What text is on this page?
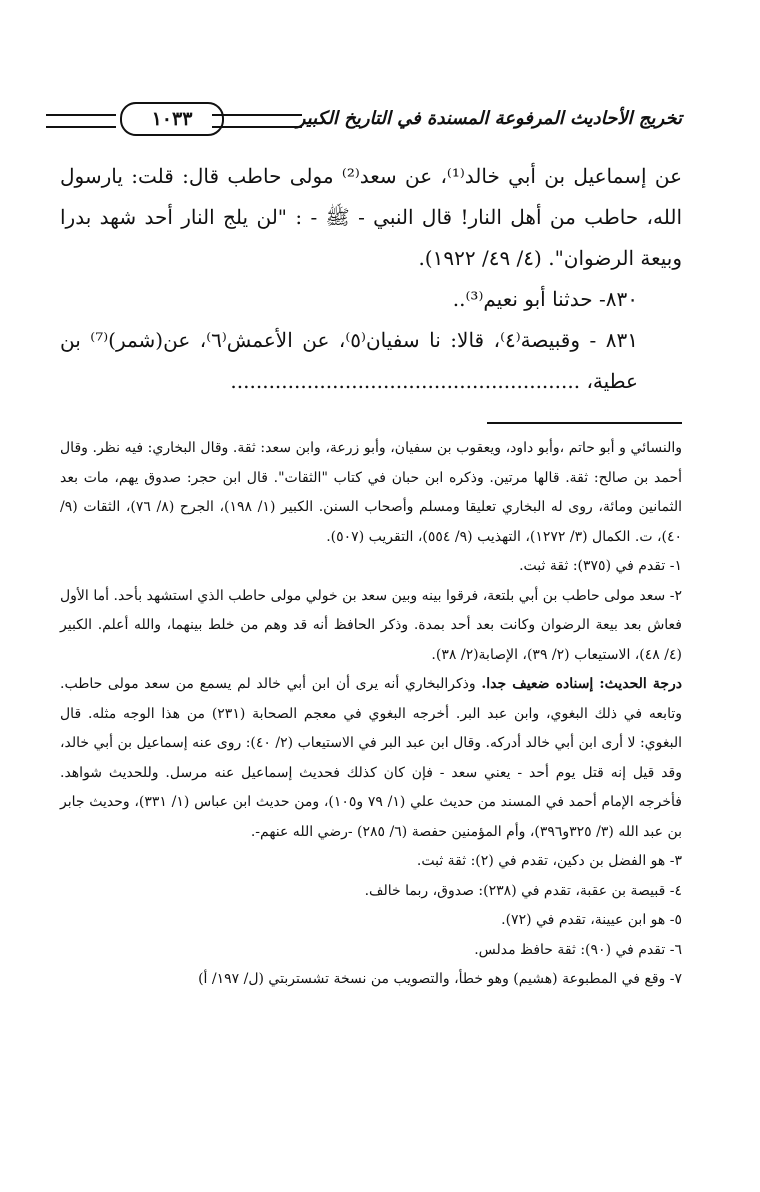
تخريج الأحاديث المرفوعة المسندة في التاريخ الكبير
١٠٣٣

عن إسماعيل بن أبي خالد⁽¹⁾، عن سعد⁽²⁾ مولى حاطب قال: قلت: يارسول الله، حاطب من أهل النار! قال النبي - ﷺ - : "لن يلج النار أحد شهد بدرا وبيعة الرضوان". (٤/ ٤٩/ ١٩٢٢).

٨٣٠- حدثنا أبو نعيم⁽³⁾..

٨٣١ - وقبيصة⁽٤⁾، قالا: نا سفيان⁽٥⁾، عن الأعمش⁽٦⁾، عن(شمر)⁽⁷⁾ بن عطية، .......................................................

والنسائي و أبو حاتم ،وأبو داود، ويعقوب بن سفيان، وأبو زرعة، وابن سعد: ثقة. وقال البخاري: فيه نظر. وقال أحمد بن صالح: ثقة. قالها مرتين. وذكره ابن حبان في كتاب "الثقات". قال ابن حجر: صدوق يهم، مات بعد الثمانين ومائة، روى له البخاري تعليقا ومسلم وأصحاب السنن. الكبير (١/ ١٩٨)، الجرح (٨/ ٧٦)، الثقات (٩/ ٤٠)، ت. الكمال (٣/ ١٢٧٢)، التهذيب (٩/ ٥٥٤)، التقريب (٥٠٧).

١- تقدم في (٣٧٥): ثقة ثبت.

٢- سعد مولى حاطب بن أبي بلتعة، فرقوا بينه وبين سعد بن خولي مولى حاطب الذي استشهد بأحد. أما الأول فعاش بعد بيعة الرضوان وكانت بعد أحد بمدة. وذكر الحافظ أنه قد وهم من خلط بينهما، والله أعلم. الكبير (٤/ ٤٨)، الاستيعاب (٢/ ٣٩)، الإصابة(٢/ ٣٨).

درجة الحديث: إسناده ضعيف جدا. وذكرالبخاري أنه يرى أن ابن أبي خالد لم يسمع من سعد مولى حاطب. وتابعه في ذلك البغوي، وابن عبد البر. أخرجه البغوي في معجم الصحابة (٢٣١) من هذا الوجه مثله. قال البغوي: لا أرى ابن أبي خالد أدركه. وقال ابن عبد البر في الاستيعاب (٢/ ٤٠): روى عنه إسماعيل بن أبي خالد، وقد قيل إنه قتل يوم أحد - يعني سعد - فإن كان كذلك فحديث إسماعيل عنه مرسل. وللحديث شواهد. فأخرجه الإمام أحمد في المسند من حديث علي (١/ ٧٩ و١٠٥)، ومن حديث ابن عباس (١/ ٣٣١)، وحديث جابر بن عبد الله (٣/ ٣٢٥و٣٩٦)، وأم المؤمنين حفصة (٦/ ٢٨٥) -رضي الله عنهم-.

٣- هو الفضل بن دكين، تقدم في (٢): ثقة ثبت.

٤- قبيصة بن عقبة، تقدم في (٢٣٨): صدوق، ربما خالف.

٥- هو ابن عيينة، تقدم في (٧٢).

٦- تقدم في (٩٠): ثقة حافظ مدلس.

٧- وقع في المطبوعة (هشيم) وهو خطأ، والتصويب من نسخة تشستربتي (ل/ ١٩٧/ أ)
